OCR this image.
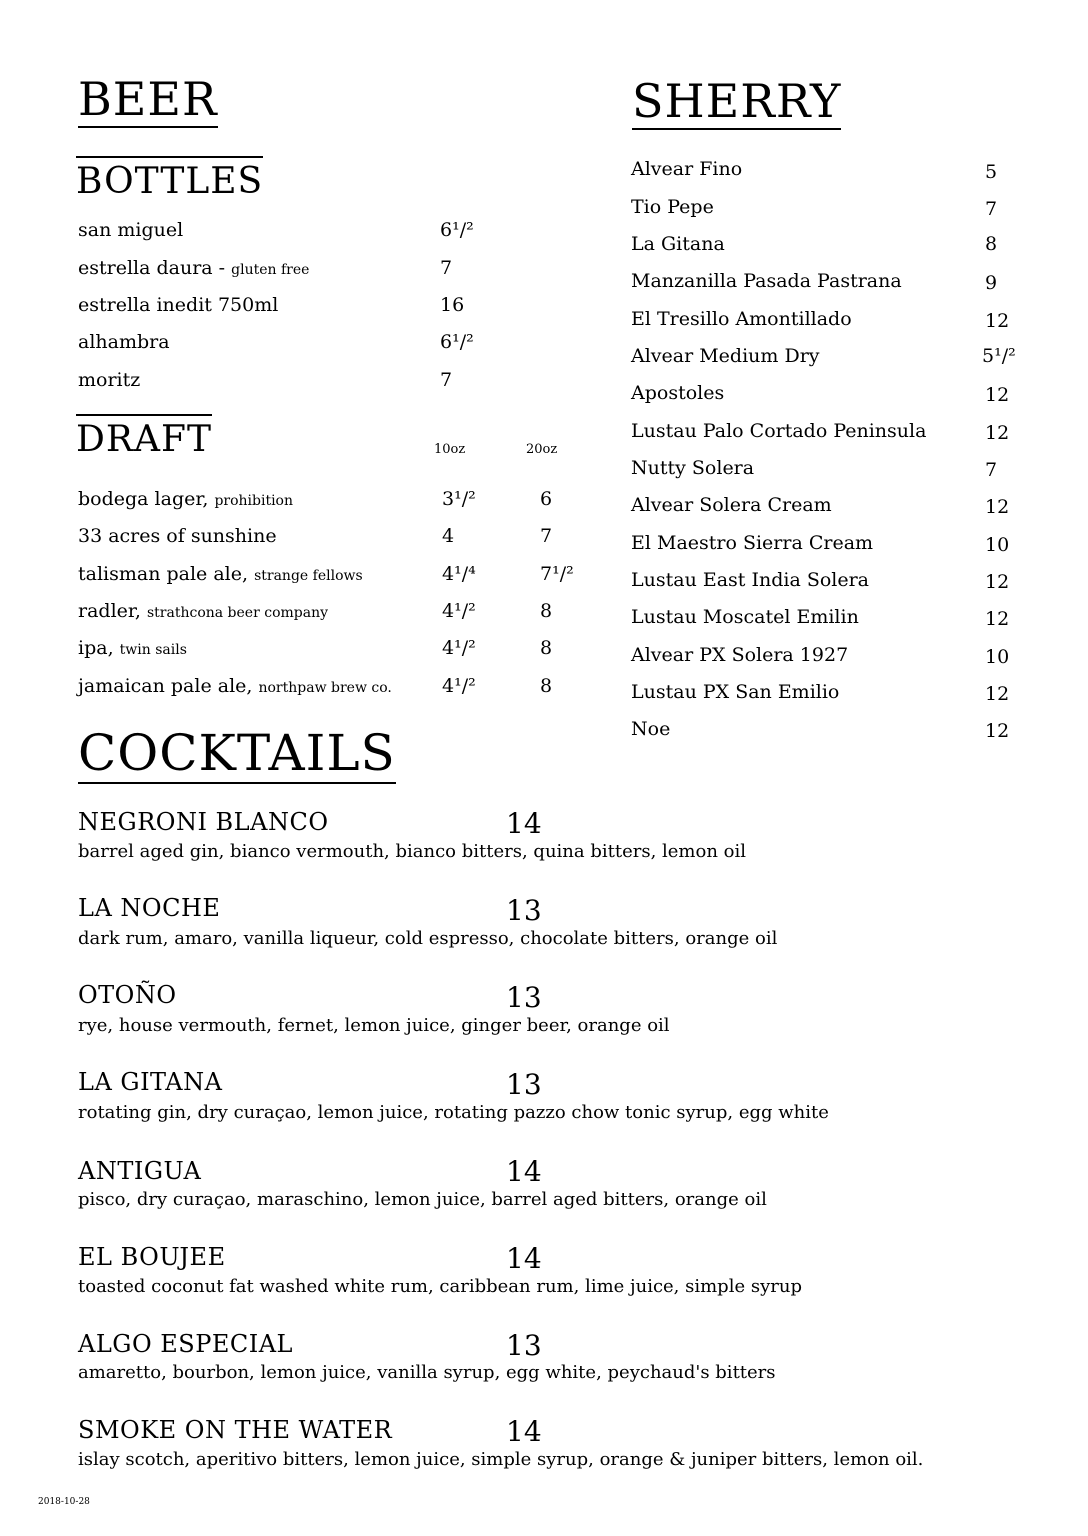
BEER
BOTTLES
san miguel	6¹/²
estrella daura - gluten free	7
estrella inedit 750ml	16
alhambra	6¹/²
moritz	7
DRAFT	10oz	20oz
bodega lager, prohibition	3¹/²	6
33 acres of sunshine	4	7
talisman pale ale, strange fellows	4¹/⁴	7¹/²
radler, strathcona beer company	4¹/²	8
ipa, twin sails	4¹/²	8
jamaican pale ale, northpaw brew co.	4¹/²	8
SHERRY
Alvear Fino	5
Tio Pepe	7
La Gitana	8
Manzanilla Pasada Pastrana	9
El Tresillo Amontillado	12
Alvear Medium Dry	5¹/²
Apostoles	12
Lustau Palo Cortado Peninsula	12
Nutty Solera	7
Alvear Solera Cream	12
El Maestro Sierra Cream	10
Lustau East India Solera	12
Lustau Moscatel Emilin	12
Alvear PX Solera 1927	10
Lustau PX San Emilio	12
Noe	12
COCKTAILS
NEGRONI BLANCO	14
barrel aged gin, bianco vermouth, bianco bitters, quina bitters, lemon oil
LA NOCHE	13
dark rum, amaro, vanilla liqueur, cold espresso, chocolate bitters, orange oil
OTOÑO	13
rye, house vermouth, fernet, lemon juice, ginger beer, orange oil
LA GITANA	13
rotating gin, dry curaçao, lemon juice, rotating pazzo chow tonic syrup, egg white
ANTIGUA	14
pisco, dry curaçao, maraschino, lemon juice, barrel aged bitters, orange oil
EL BOUJEE	14
toasted coconut fat washed white rum, caribbean rum, lime juice, simple syrup
ALGO ESPECIAL	13
amaretto, bourbon, lemon juice, vanilla syrup, egg white, peychaud's bitters
SMOKE ON THE WATER	14
islay scotch, aperitivo bitters, lemon juice, simple syrup, orange & juniper bitters, lemon oil.
2018-10-28
